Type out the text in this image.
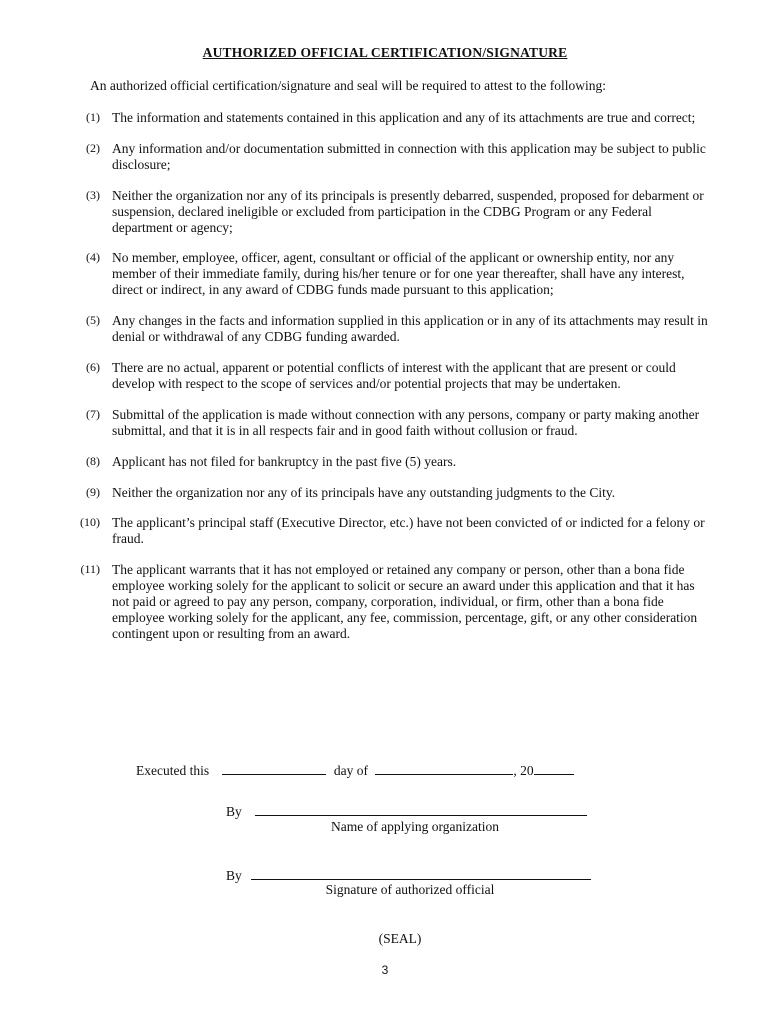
AUTHORIZED OFFICIAL CERTIFICATION/SIGNATURE
An authorized official certification/signature and seal will be required to attest to the following:
(1) The information and statements contained in this application and any of its attachments are true and correct;
(2) Any information and/or documentation submitted in connection with this application may be subject to public disclosure;
(3) Neither the organization nor any of its principals is presently debarred, suspended, proposed for debarment or suspension, declared ineligible or excluded from participation in the CDBG Program or any Federal department or agency;
(4) No member, employee, officer, agent, consultant or official of the applicant or ownership entity, nor any member of their immediate family, during his/her tenure or for one year thereafter, shall have any interest, direct or indirect, in any award of CDBG funds made pursuant to this application;
(5) Any changes in the facts and information supplied in this application or in any of its attachments may result in denial or withdrawal of any CDBG funding awarded.
(6) There are no actual, apparent or potential conflicts of interest with the applicant that are present or could develop with respect to the scope of services and/or potential projects that may be undertaken.
(7) Submittal of the application is made without connection with any persons, company or party making another submittal, and that it is in all respects fair and in good faith without collusion or fraud.
(8) Applicant has not filed for bankruptcy in the past five (5) years.
(9) Neither the organization nor any of its principals have any outstanding judgments to the City.
(10) The applicant’s principal staff (Executive Director, etc.) have not been convicted of or indicted for a felony or fraud.
(11) The applicant warrants that it has not employed or retained any company or person, other than a bona fide employee working solely for the applicant to solicit or secure an award under this application and that it has not paid or agreed to pay any person, company, corporation, individual, or firm, other than a bona fide employee working solely for the applicant, any fee, commission, percentage, gift, or any other consideration contingent upon or resulting from an award.
Executed this	day of	, 20
By
Name of applying organization
By
Signature of authorized official
(SEAL)
3
